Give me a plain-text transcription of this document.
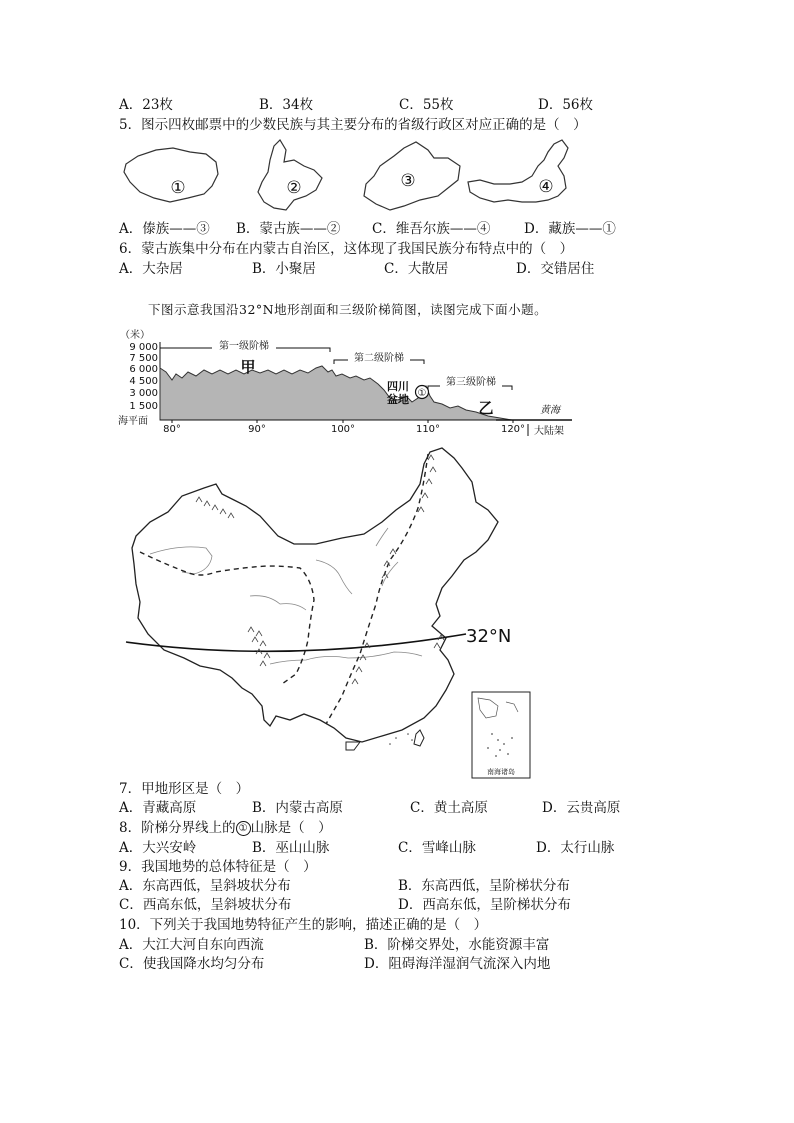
A．23枚	B．34枚	C．55枚	D．56枚
5．图示四枚邮票中的少数民族与其主要分布的省级行政区对应正确的是（　）
①	②	③	④
A．傣族——③ B．蒙古族——② C．维吾尔族——④ D．藏族——①
6．蒙古族集中分布在内蒙古自治区，这体现了我国民族分布特点中的（　）
A．大杂居	B．小聚居	C．大散居	D．交错居住
下图示意我国沿32°N地形剖面和三级阶梯简图，读图完成下面小题。
（米）
9 000
7 500
6 000
4 500
3 000
1 500
海平面
第一级阶梯
第二级阶梯
第三级阶梯
甲
四川
盆地 ①
乙	黄海
80°	90°	100°	110°	120° 大陆架
32°N
南海诸岛
7．甲地形区是（　）
A．青藏高原	B．内蒙古高原	C．黄土高原	D．云贵高原
8．阶梯分界线上的 ① 山脉是（　）
A．大兴安岭	B．巫山山脉	C．雪峰山脉	D．太行山脉
9．我国地势的总体特征是（　）
A．东高西低，呈斜坡状分布	B．东高西低，呈阶梯状分布
C．西高东低，呈斜坡状分布	D．西高东低，呈阶梯状分布
10．下列关于我国地势特征产生的影响，描述正确的是（　）
A．大江大河自东向西流	B．阶梯交界处，水能资源丰富
C．使我国降水均匀分布	D．阻碍海洋湿润气流深入内地
